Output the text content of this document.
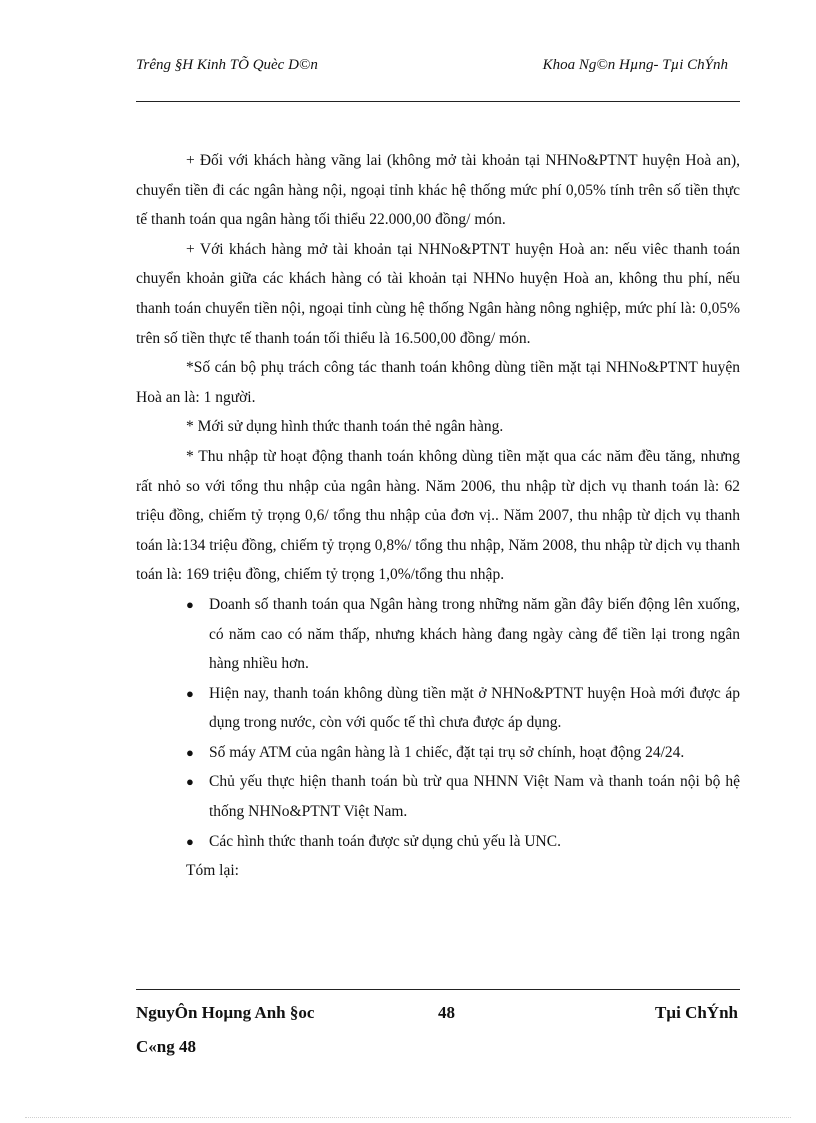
Trêng §H Kinh TÕ Quèc D©n	Khoa Ng©n Hµng- Tµi ChÝnh

+ Đối với khách hàng vãng lai (không mở tài khoản tại NHNo&PTNT huyện Hoà an), chuyển tiền đi các ngân hàng nội, ngoại tỉnh khác hệ thống mức phí 0,05% tính trên số tiền thực tế thanh toán qua ngân hàng tối thiểu 22.000,00 đồng/ món.

+ Với khách hàng mở tài khoản tại NHNo&PTNT huyện Hoà an: nếu viêc thanh toán chuyển khoản giữa các khách hàng có tài khoản tại NHNo huyện Hoà an, không thu phí, nếu thanh toán chuyển tiền nội, ngoại tỉnh cùng hệ thống Ngân hàng nông nghiệp, mức phí là: 0,05% trên số tiền thực tế thanh toán tối thiểu là 16.500,00 đồng/ món.

*Số cán bộ phụ trách công tác thanh toán không dùng tiền mặt tại NHNo&PTNT huyện Hoà an là: 1 người.

* Mới sử dụng hình thức thanh toán thẻ ngân hàng.

* Thu nhập từ hoạt động thanh toán không dùng tiền mặt qua các năm đều tăng, nhưng rất nhỏ so với tổng thu nhập của ngân hàng. Năm 2006, thu nhập từ dịch vụ thanh toán là: 62 triệu đồng, chiếm tỷ trọng 0,6/ tổng thu nhập của đơn vị.. Năm 2007, thu nhập từ dịch vụ thanh toán là:134 triệu đồng, chiếm tỷ trọng 0,8%/ tổng thu nhập, Năm 2008, thu nhập từ dịch vụ thanh toán là: 169 triệu đồng, chiếm tỷ trọng 1,0%/tổng thu nhập.

● Doanh số thanh toán qua Ngân hàng trong những năm gần đây biến động lên xuống, có năm cao có năm thấp, nhưng khách hàng đang ngày càng để tiền lại trong ngân hàng nhiều hơn.
● Hiện nay, thanh toán không dùng tiền mặt ở NHNo&PTNT huyện Hoà mới được áp dụng trong nước, còn với quốc tế thì chưa được áp dụng.
● Số máy ATM của ngân hàng là 1 chiếc, đặt tại trụ sở chính, hoạt động 24/24.
● Chủ yếu thực hiện thanh toán bù trừ qua NHNN Việt Nam và thanh toán nội bộ hệ thống NHNo&PTNT Việt Nam.
● Các hình thức thanh toán được sử dụng chủ yếu là UNC.

Tóm lại:

NguyÔn Hoµng Anh §oc	48	Tµi ChÝnh
C«ng 48
